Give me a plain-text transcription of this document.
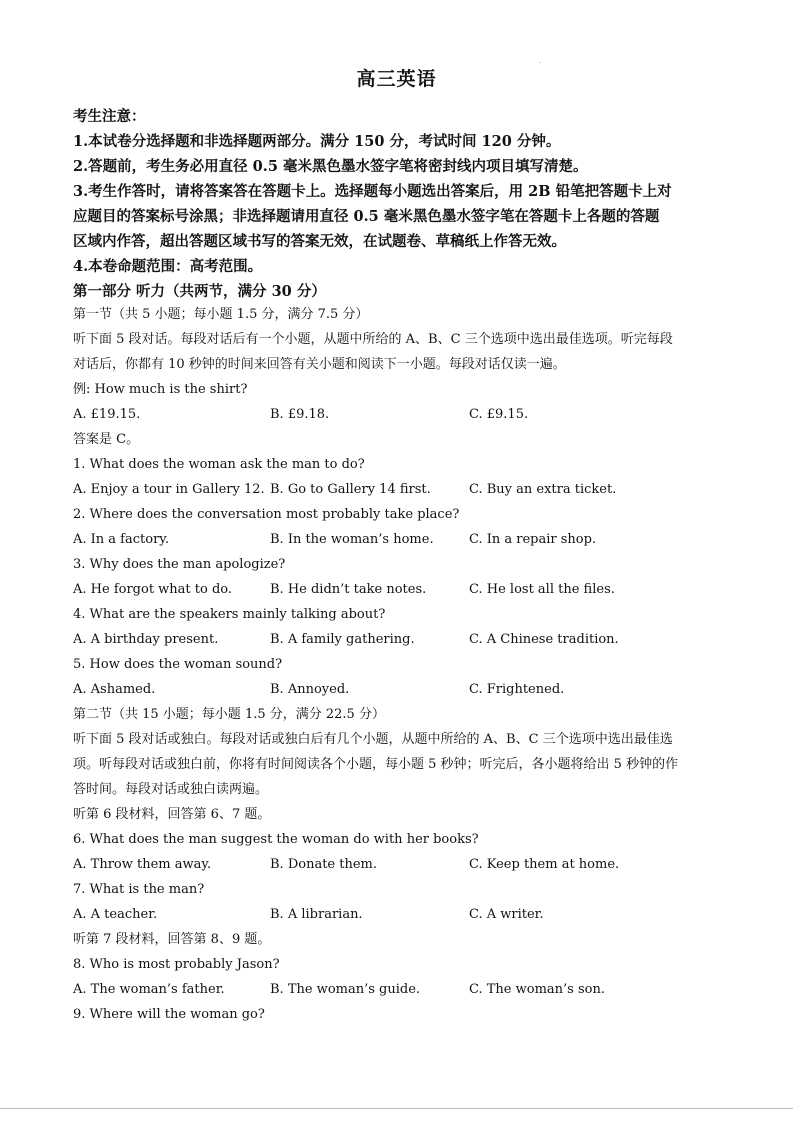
高三英语
·
考生注意：
1.本试卷分选择题和非选择题两部分。满分 150 分，考试时间 120 分钟。
2.答题前，考生务必用直径 0.5 毫米黑色墨水签字笔将密封线内项目填写清楚。
3.考生作答时，请将答案答在答题卡上。选择题每小题选出答案后，用 2B 铅笔把答题卡上对
应题目的答案标号涂黑；非选择题请用直径 0.5 毫米黑色墨水签字笔在答题卡上各题的答题
区域内作答，超出答题区域书写的答案无效，在试题卷、草稿纸上作答无效。
4.本卷命题范围：高考范围。
第一部分 听力（共两节，满分 30 分）
第一节（共 5 小题；每小题 1.5 分，满分 7.5 分）
听下面 5 段对话。每段对话后有一个小题，从题中所给的 A、B、C 三个选项中选出最佳选项。听完每段
对话后，你都有 10 秒钟的时间来回答有关小题和阅读下一小题。每段对话仅读一遍。
例: How much is the shirt?
A. £19.15.	B. £9.18.	C. £9.15.
答案是 C。
1. What does the woman ask the man to do?
A. Enjoy a tour in Gallery 12. B. Go to Gallery 14 first.	C. Buy an extra ticket.
2. Where does the conversation most probably take place?
A. In a factory.	B. In the woman’s home.	C. In a repair shop.
3. Why does the man apologize?
A. He forgot what to do.	B. He didn’t take notes.	C. He lost all the files.
4. What are the speakers mainly talking about?
A. A birthday present.	B. A family gathering.	C. A Chinese tradition.
5. How does the woman sound?
A. Ashamed.	B. Annoyed.	C. Frightened.
第二节（共 15 小题；每小题 1.5 分，满分 22.5 分）
听下面 5 段对话或独白。每段对话或独白后有几个小题，从题中所给的 A、B、C 三个选项中选出最佳选
项。听每段对话或独白前，你将有时间阅读各个小题，每小题 5 秒钟；听完后，各小题将给出 5 秒钟的作
答时间。每段对话或独白读两遍。
听第 6 段材料，回答第 6、7 题。
6. What does the man suggest the woman do with her books?
A. Throw them away.	B. Donate them.	C. Keep them at home.
7. What is the man?
A. A teacher.	B. A librarian.	C. A writer.
听第 7 段材料，回答第 8、9 题。
8. Who is most probably Jason?
A. The woman’s father.	B. The woman’s guide.	C. The woman’s son.
9. Where will the woman go?
